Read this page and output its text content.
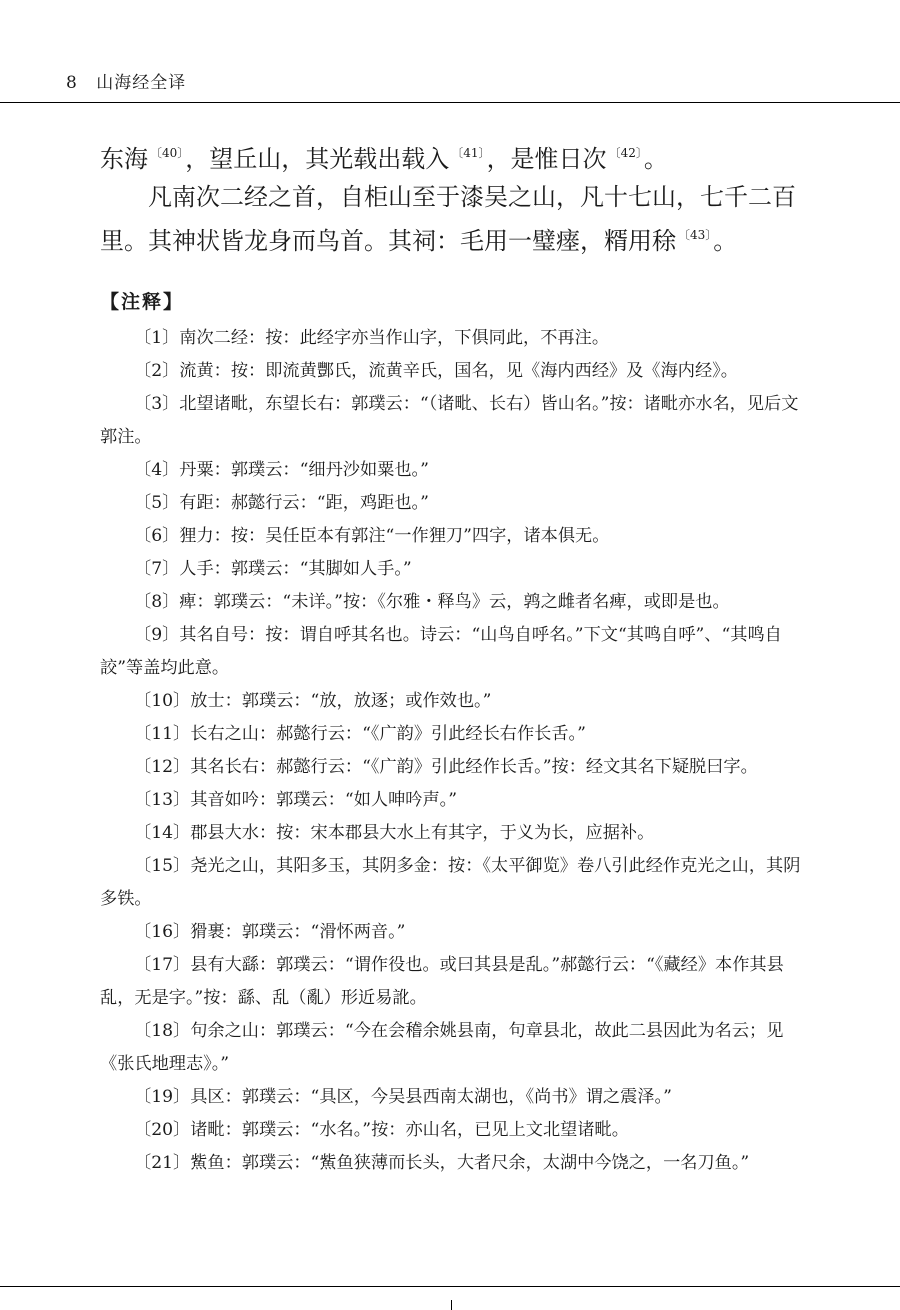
8 山海经全译

东海 $^{〔40〕}$，望丘山，其光载出载入 $^{〔41〕}$，是惟日次 $^{〔42〕}$。

凡南次二经之首，自柜山至于漆吴之山，凡十七山，七千二百里。其神状皆龙身而鸟首。其祠：毛用一璧瘗，糈用稌 $^{〔43〕}$。

【注释】
〔1〕南次二经：按：此经字亦当作山字，下俱同此，不再注。
〔2〕流黄：按：即流黄酆氏，流黄辛氏，国名，见《海内西经》及《海内经》。
〔3〕北望诸毗，东望长右：郭璞云：“（诸毗、长右）皆山名。”按：诸毗亦水名，见后文郭注。
〔4〕丹粟：郭璞云：“细丹沙如粟也。”
〔5〕有距：郝懿行云：“距，鸡距也。”
〔6〕狸力：按：吴任臣本有郭注“一作狸刀”四字，诸本俱无。
〔7〕人手：郭璞云：“其脚如人手。”
〔8〕痺：郭璞云：“未详。”按：《尔雅・释鸟》云，鹑之雌者名痺，或即是也。
〔9〕其名自号：按：谓自呼其名也。诗云：“山鸟自呼名。”下文“其鸣自呼”、“其鸣自詨”等盖均此意。
〔10〕放士：郭璞云：“放，放逐；或作效也。”
〔11〕长右之山：郝懿行云：“《广韵》引此经长右作长舌。”
〔12〕其名长右：郝懿行云：“《广韵》引此经作长舌。”按：经文其名下疑脱曰字。
〔13〕其音如吟：郭璞云：“如人呻吟声。”
〔14〕郡县大水：按：宋本郡县大水上有其字，于义为长，应据补。
〔15〕尧光之山，其阳多玉，其阴多金：按：《太平御览》卷八引此经作克光之山，其阴多铁。
〔16〕猾裹：郭璞云：“滑怀两音。”
〔17〕县有大繇：郭璞云：“谓作役也。或曰其县是乱。”郝懿行云：“《藏经》本作其县乱，无是字。”按：繇、乱（亂）形近易訛。
〔18〕句余之山：郭璞云：“今在会稽余姚县南，句章县北，故此二县因此为名云；见《张氏地理志》。”
〔19〕具区：郭璞云：“具区，今吴县西南太湖也，《尚书》谓之震泽。”
〔20〕诸毗：郭璞云：“水名。”按：亦山名，已见上文北望诸毗。
〔21〕鮆鱼：郭璞云：“鮆鱼狭薄而长头，大者尺余，太湖中今饶之，一名刀鱼。”
